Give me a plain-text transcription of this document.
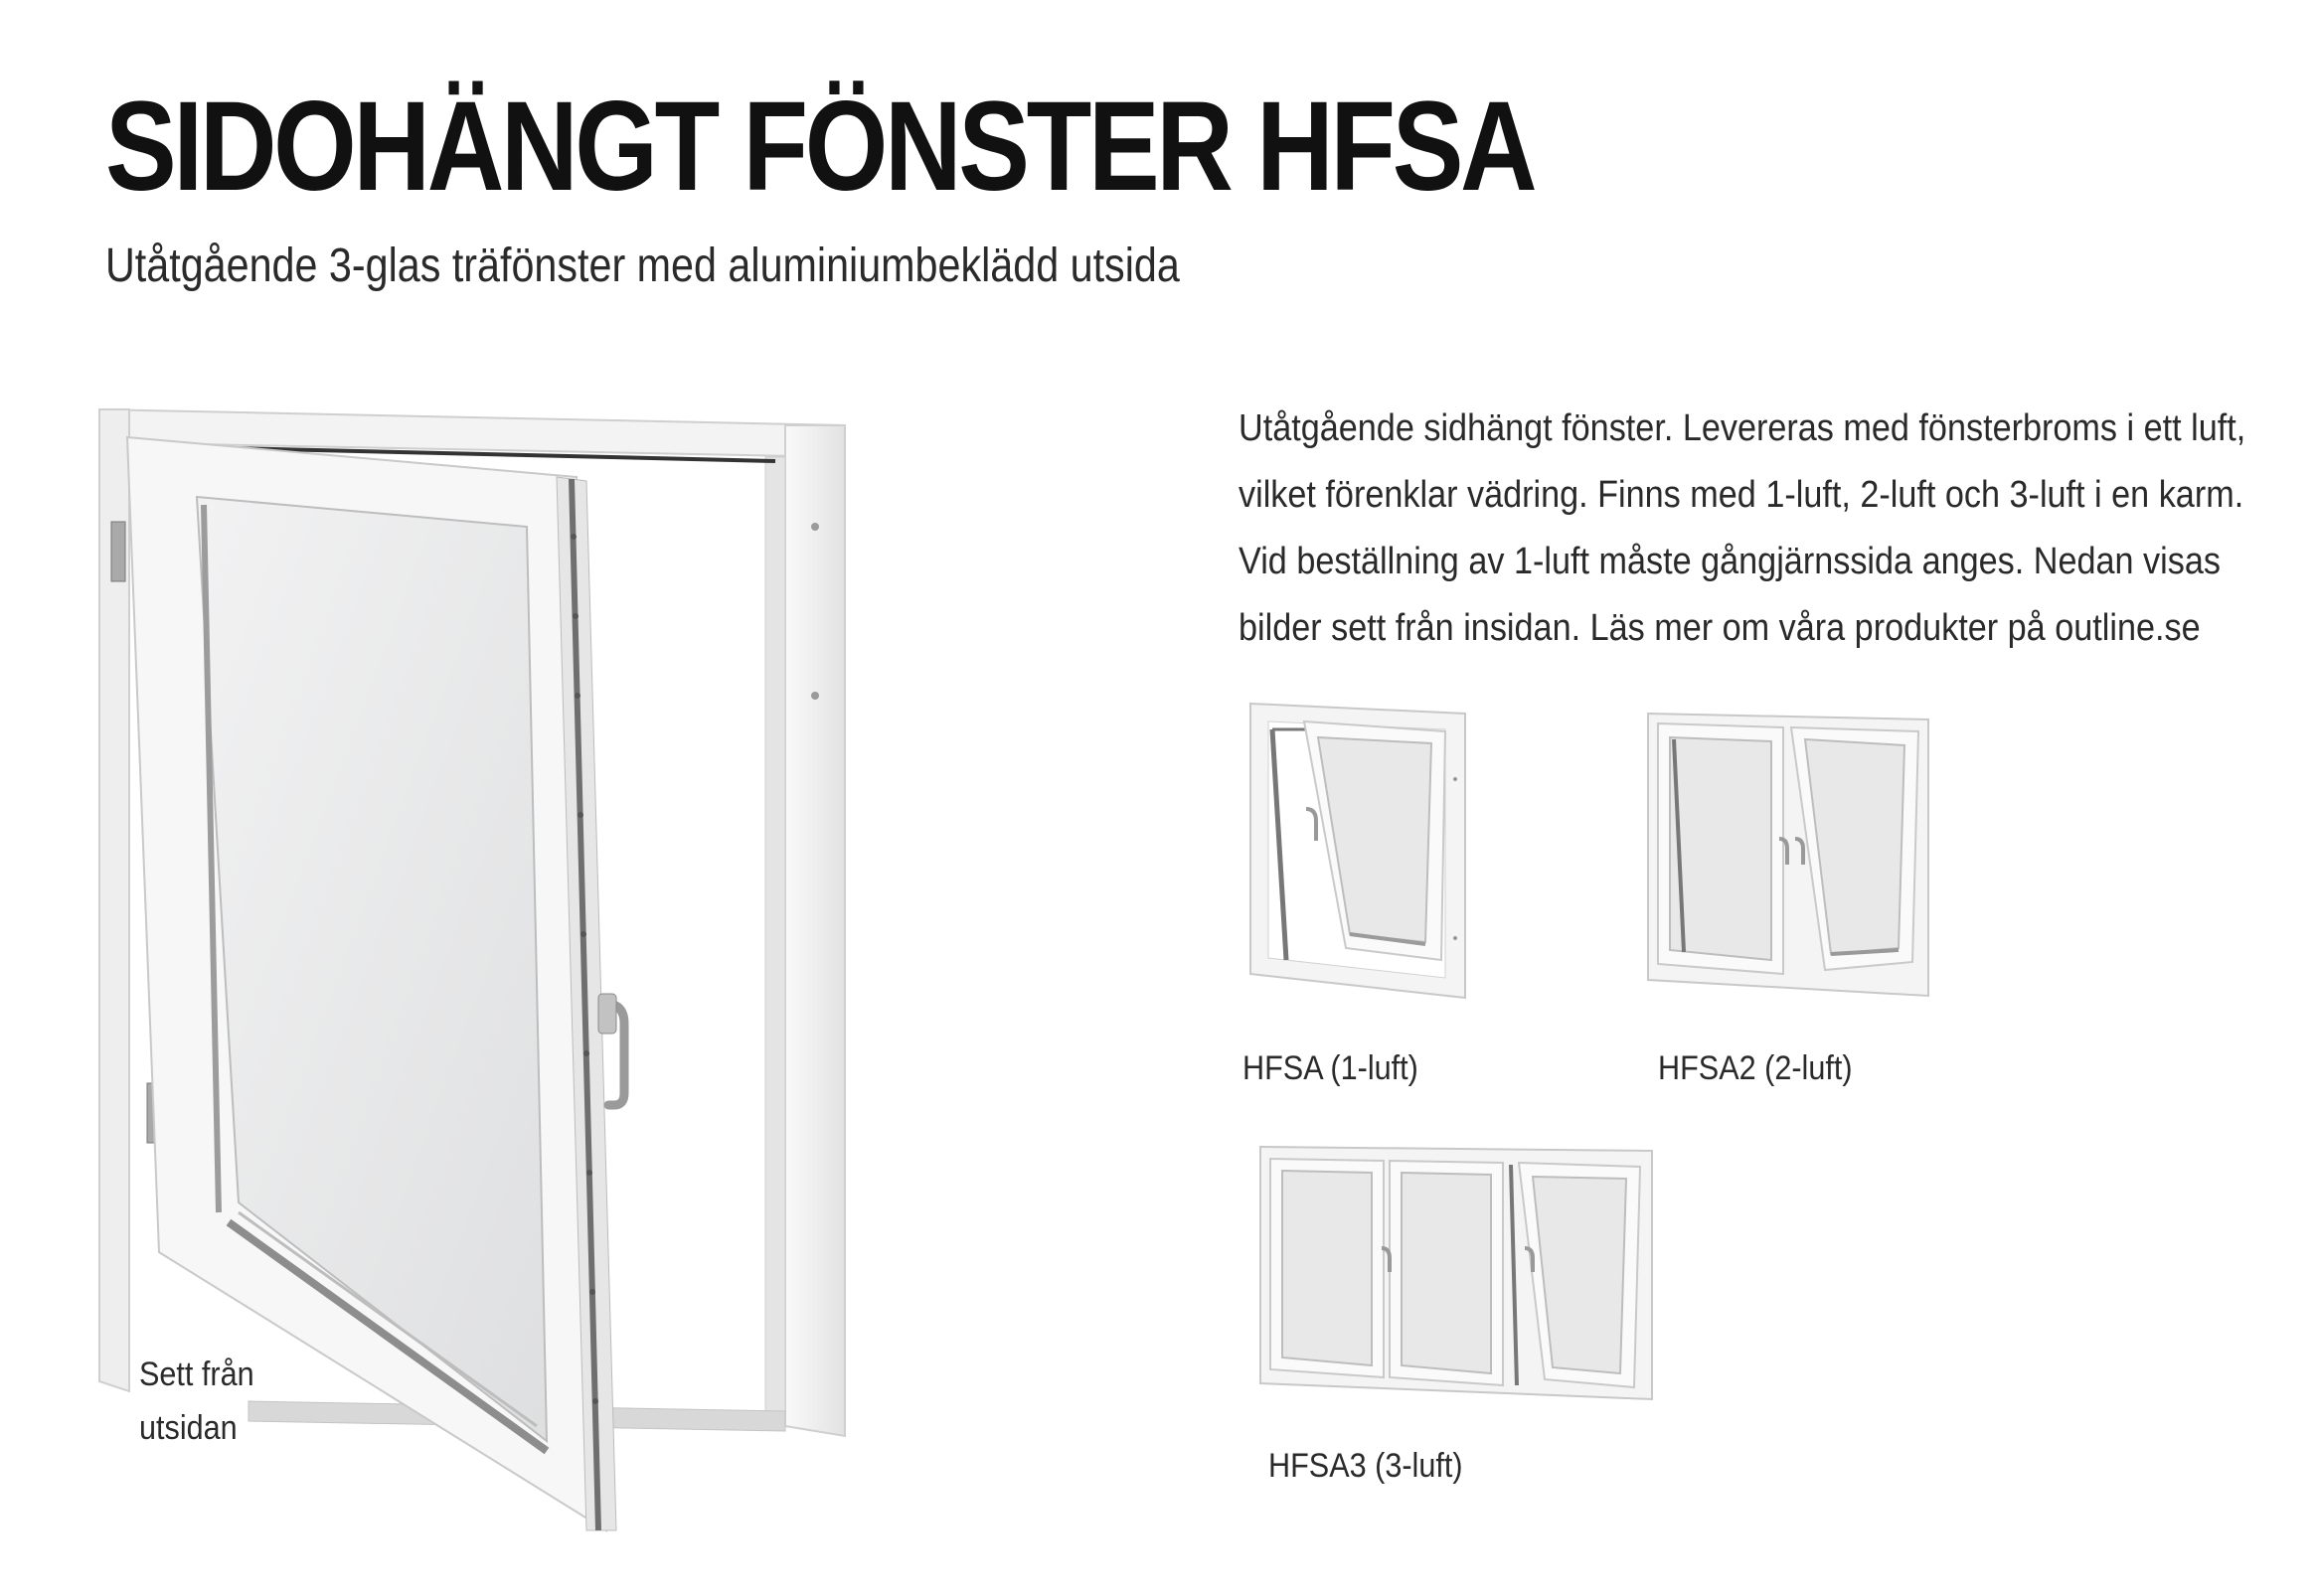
SIDOHÄNGT FÖNSTER HFSA

Utåtgående 3-glas träfönster med aluminiumbeklädd utsida

Sett från utsidan

Utåtgående sidhängt fönster. Levereras med fönsterbroms i ett luft, vilket förenklar vädring. Finns med 1-luft, 2-luft och 3-luft i en karm. Vid beställning av 1-luft måste gångjärnssida anges. Nedan visas bilder sett från insidan. Läs mer om våra produkter på outline.se

HFSA (1-luft)	HFSA2 (2-luft)

HFSA3 (3-luft)
